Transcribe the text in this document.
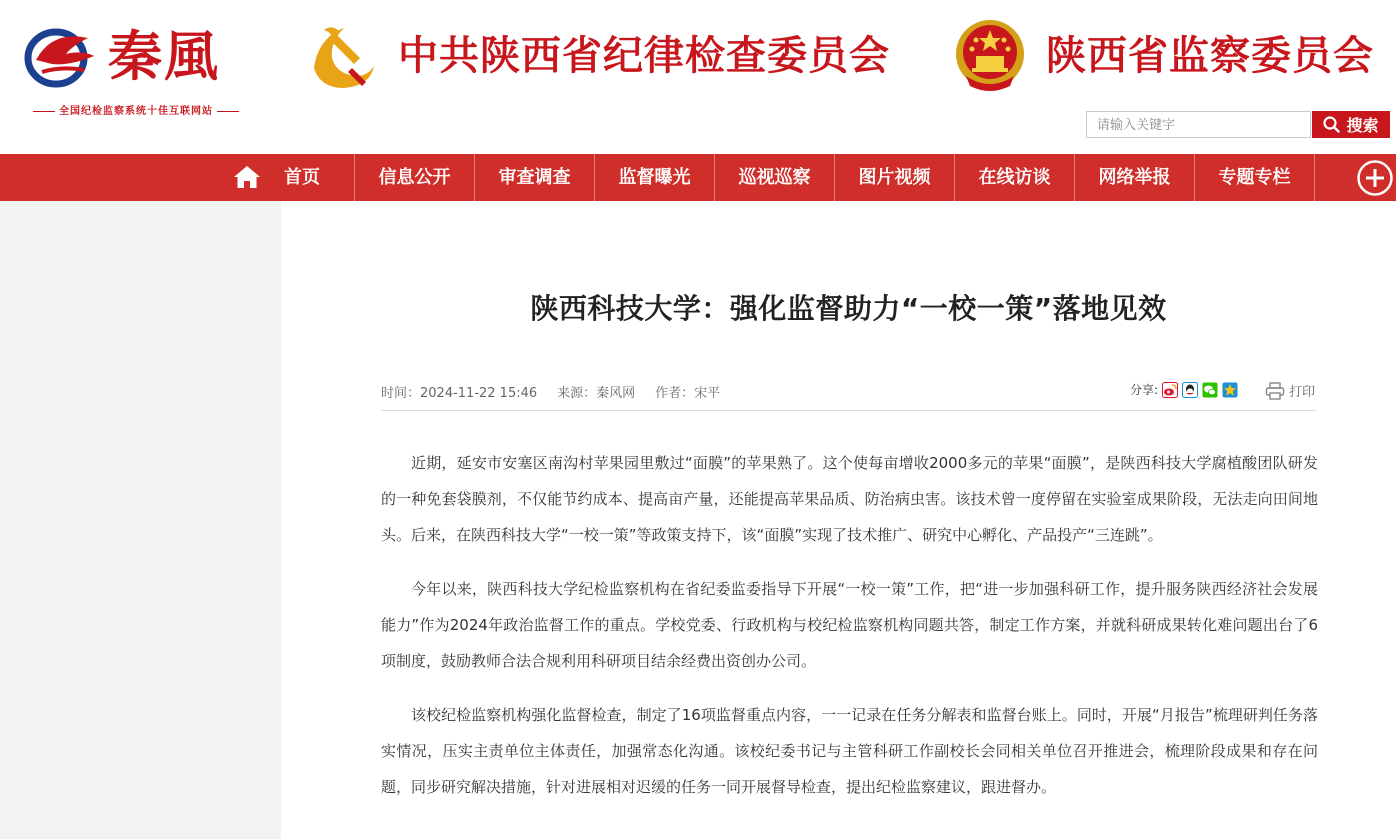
秦風
全国纪检监察系统十佳互联网站
中共陕西省纪律检查委员会	陕西省监察委员会
请输入关键字
搜索
首页	信息公开	审查调查	监督曝光	巡视巡察	图片视频	在线访谈	网络举报	专题专栏
陕西科技大学：强化监督助力“一校一策”落地见效
时间：2024-11-22 15:46 来源：秦风网 作者：宋平	分享:	打印

近期，延安市安塞区南沟村苹果园里敷过“面膜”的苹果熟了。这个使每亩增收2000多元的苹果“面膜”，是陕西科技大学腐植酸团队研发的一种免套袋膜剂，不仅能节约成本、提高亩产量，还能提高苹果品质、防治病虫害。该技术曾一度停留在实验室成果阶段，无法走向田间地头。后来，在陕西科技大学“一校一策”等政策支持下，该“面膜”实现了技术推广、研究中心孵化、产品投产“三连跳”。

今年以来，陕西科技大学纪检监察机构在省纪委监委指导下开展“一校一策”工作，把“进一步加强科研工作，提升服务陕西经济社会发展能力”作为2024年政治监督工作的重点。学校党委、行政机构与校纪检监察机构同题共答，制定工作方案，并就科研成果转化难问题出台了6项制度，鼓励教师合法合规利用科研项目结余经费出资创办公司。

该校纪检监察机构强化监督检查，制定了16项监督重点内容，一一记录在任务分解表和监督台账上。同时，开展“月报告”梳理研判任务落实情况，压实主责单位主体责任，加强常态化沟通。该校纪委书记与主管科研工作副校长会同相关单位召开推进会，梳理阶段成果和存在问题，同步研究解决措施，针对进展相对迟缓的任务一同开展督导检查，提出纪检监察建议，跟进督办。
